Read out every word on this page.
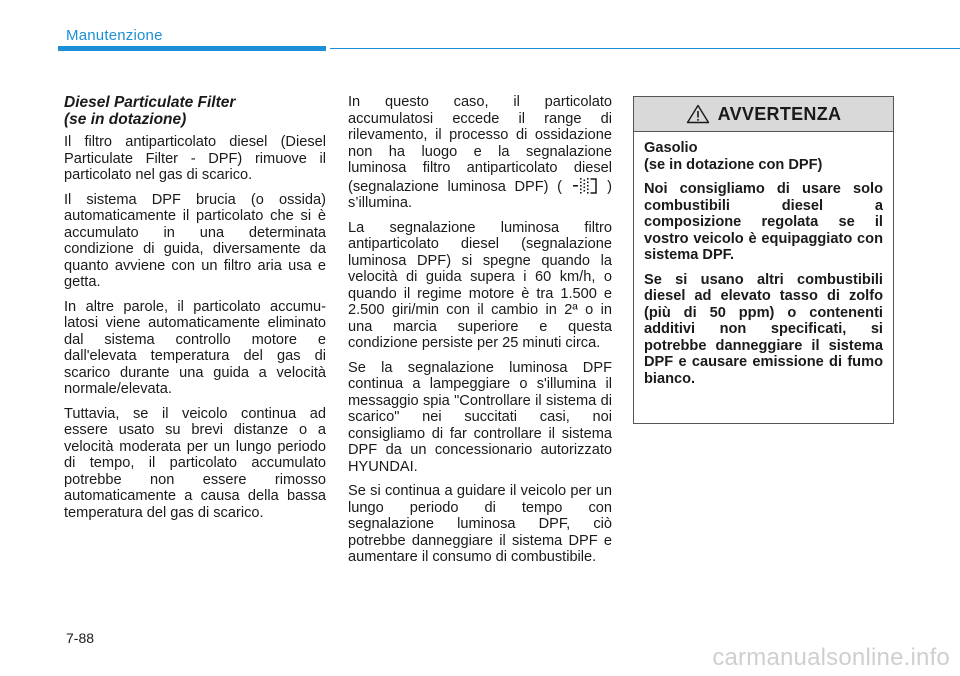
Manutenzione
Diesel Particulate Filter
(se in dotazione)

Il filtro antiparticolato diesel (Diesel Particulate Filter - DPF) rimuove il particolato nel gas di scarico.

Il sistema DPF brucia (o ossida) automaticamente il particolato che si è accumulato in una determinata condizione di guida, diversamente da quanto avviene con un filtro aria usa e getta.

In altre parole, il particolato accumu-latosi viene automaticamente eliminato dal sistema controllo motore e dall'elevata temperatura del gas di scarico durante una guida a velocità normale/elevata.

Tuttavia, se il veicolo continua ad essere usato su brevi distanze o a velocità moderata per un lungo periodo di tempo, il particolato accumulato potrebbe non essere rimosso automaticamente a causa della bassa temperatura del gas di scarico.

In questo caso, il particolato accumulatosi eccede il range di rilevamento, il processo di ossidazione non ha luogo e la segnalazione luminosa filtro antiparticolato diesel (segnalazione luminosa DPF) (	) s’illumina.

La segnalazione luminosa filtro antiparticolato diesel (segnalazione luminosa DPF) si spegne quando la velocità di guida supera i 60 km/h, o quando il regime motore è tra 1.500 e 2.500 giri/min con il cambio in 2ª o in una marcia superiore e questa condizione persiste per 25 minuti circa.

Se la segnalazione luminosa DPF continua a lampeggiare o s'illumina il messaggio spia "Controllare il sistema di scarico" nei succitati casi, noi consigliamo di far controllare il sistema DPF da un concessionario autorizzato HYUNDAI.

Se si continua a guidare il veicolo per un lungo periodo di tempo con segnalazione luminosa DPF, ciò potrebbe danneggiare il sistema DPF e aumentare il consumo di combustibile.

AVVERTENZA

Gasolio
(se in dotazione con DPF)

Noi consigliamo di usare solo combustibili diesel a composizione regolata se il vostro veicolo è equipaggiato con sistema DPF.

Se si usano altri combustibili diesel ad elevato tasso di zolfo (più di 50 ppm) o contenenti additivi non specificati, si potrebbe danneggiare il sistema DPF e causare emissione di fumo bianco.

7-88
carmanualsonline.info
